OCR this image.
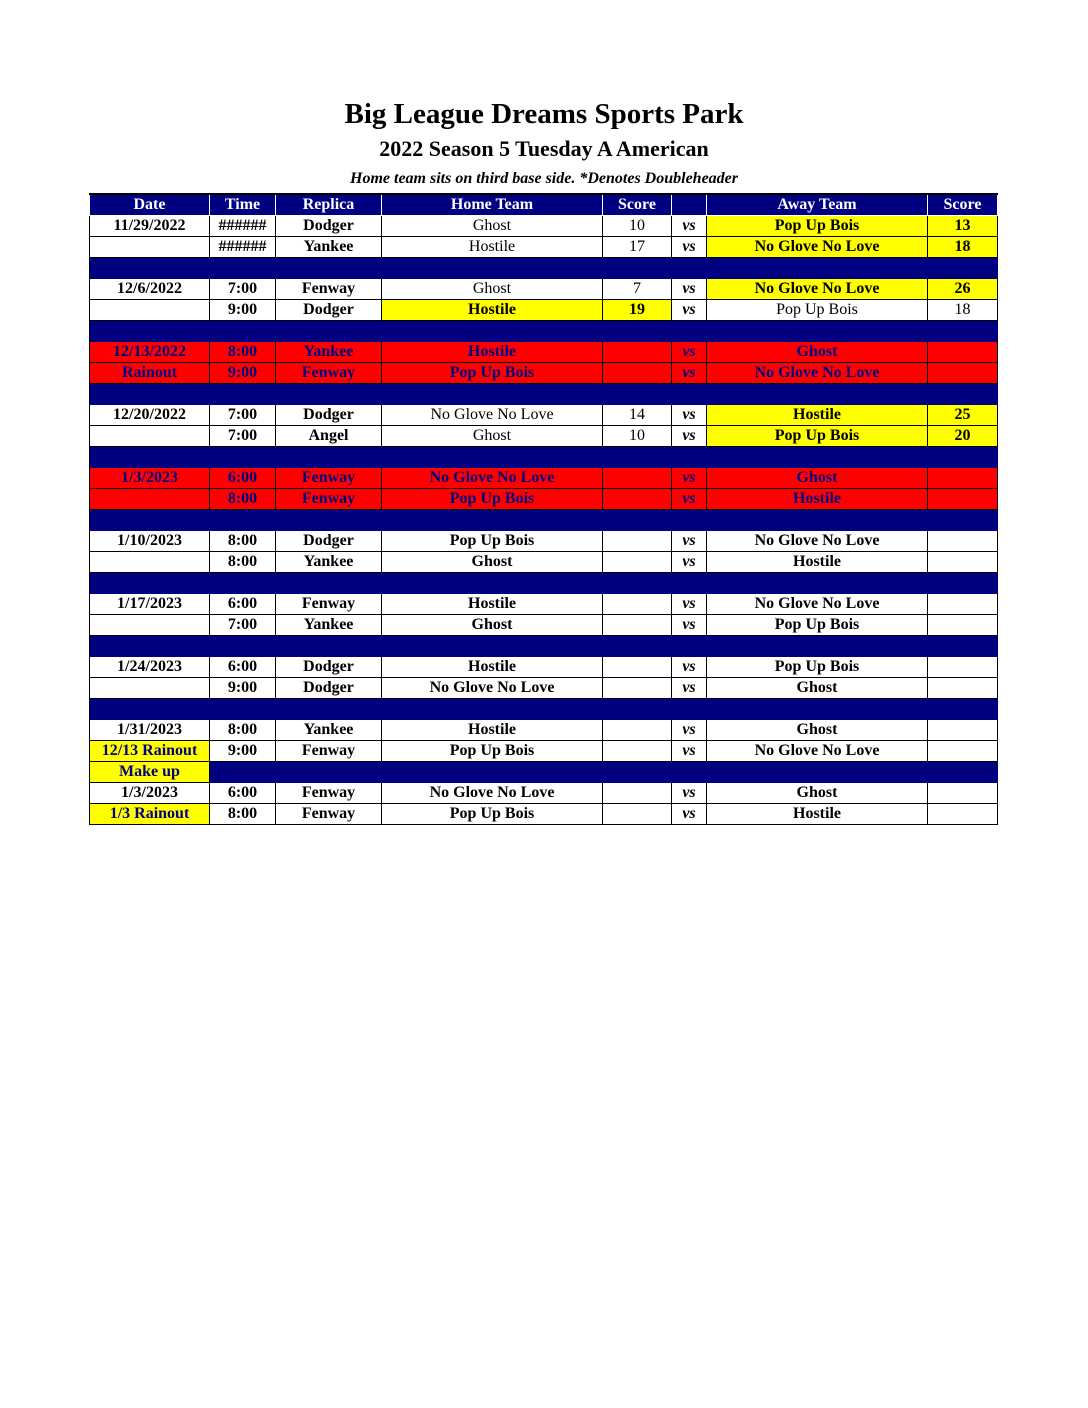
Big League Dreams Sports Park
2022 Season 5 Tuesday A American
Home team sits on third base side. *Denotes Doubleheader
Date	Time	Replica	Home Team	Score		Away Team	Score
11/29/2022	######	Dodger	Ghost	10	vs	Pop Up Bois	13
	######	Yankee	Hostile	17	vs	No Glove No Love	18

12/6/2022	7:00	Fenway	Ghost	7	vs	No Glove No Love	26
	9:00	Dodger	Hostile	19	vs	Pop Up Bois	18

12/13/2022	8:00	Yankee	Hostile		vs	Ghost	
Rainout	9:00	Fenway	Pop Up Bois		vs	No Glove No Love	

12/20/2022	7:00	Dodger	No Glove No Love	14	vs	Hostile	25
	7:00	Angel	Ghost	10	vs	Pop Up Bois	20

1/3/2023	6:00	Fenway	No Glove No Love		vs	Ghost	
	8:00	Fenway	Pop Up Bois		vs	Hostile	

1/10/2023	8:00	Dodger	Pop Up Bois		vs	No Glove No Love	
	8:00	Yankee	Ghost		vs	Hostile	

1/17/2023	6:00	Fenway	Hostile		vs	No Glove No Love	
	7:00	Yankee	Ghost		vs	Pop Up Bois	

1/24/2023	6:00	Dodger	Hostile		vs	Pop Up Bois	
	9:00	Dodger	No Glove No Love		vs	Ghost	

1/31/2023	8:00	Yankee	Hostile		vs	Ghost	
12/13 Rainout	9:00	Fenway	Pop Up Bois		vs	No Glove No Love	
Make up							
1/3/2023	6:00	Fenway	No Glove No Love		vs	Ghost	
1/3 Rainout	8:00	Fenway	Pop Up Bois		vs	Hostile	
